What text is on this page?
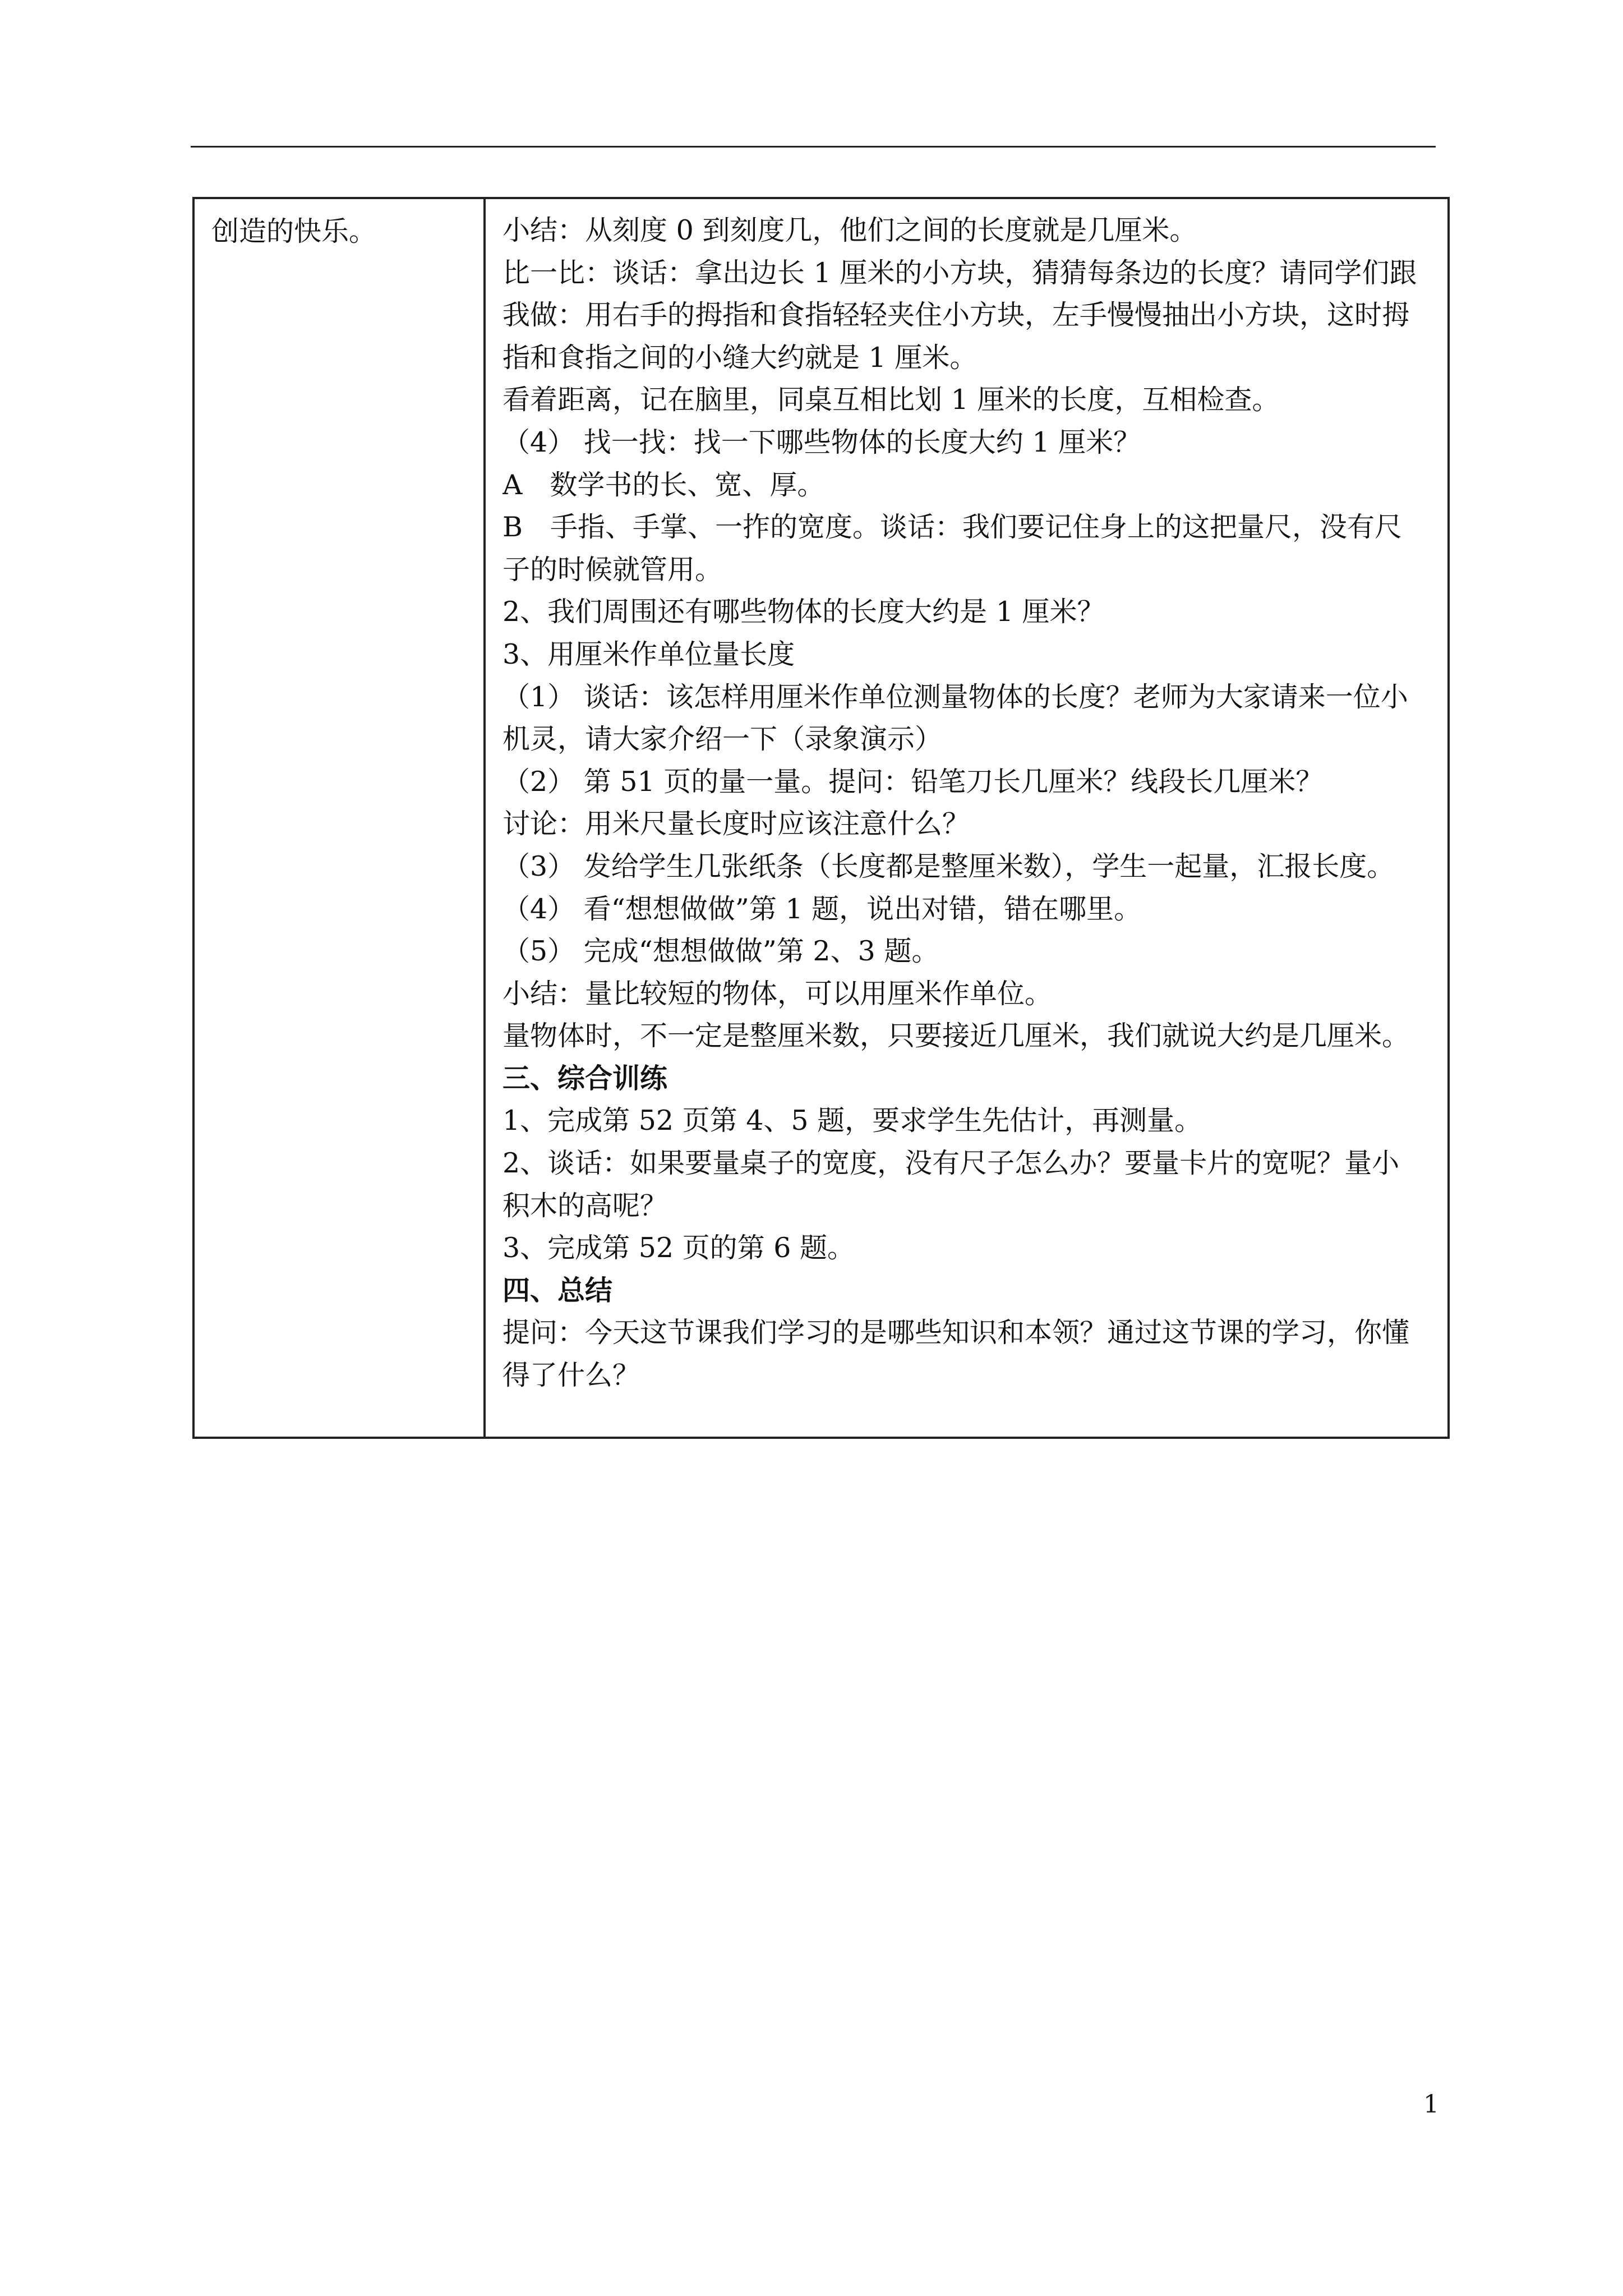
创造的快乐。	小结：从刻度 0 到刻度几，他们之间的长度就是几厘米。
比一比：谈话：拿出边长 1 厘米的小方块，猜猜每条边的长度？请同学们跟
我做：用右手的拇指和食指轻轻夹住小方块，左手慢慢抽出小方块，这时拇
指和食指之间的小缝大约就是 1 厘米。
看着距离，记在脑里，同桌互相比划 1 厘米的长度，互相检查。
（4） 找一找：找一下哪些物体的长度大约 1 厘米？
A　数学书的长、宽、厚。
B　手指、手掌、一拃的宽度。谈话：我们要记住身上的这把量尺，没有尺
子的时候就管用。
2、我们周围还有哪些物体的长度大约是 1 厘米？
3、用厘米作单位量长度
（1） 谈话：该怎样用厘米作单位测量物体的长度？老师为大家请来一位小
机灵，请大家介绍一下（录象演示）
（2） 第 51 页的量一量。提问：铅笔刀长几厘米？线段长几厘米？
讨论：用米尺量长度时应该注意什么？
（3） 发给学生几张纸条（长度都是整厘米数），学生一起量，汇报长度。
（4） 看“想想做做”第 1 题，说出对错，错在哪里。
（5） 完成“想想做做”第 2、3 题。
小结：量比较短的物体，可以用厘米作单位。
量物体时，不一定是整厘米数，只要接近几厘米，我们就说大约是几厘米。
三、综合训练
1、完成第 52 页第 4、5 题，要求学生先估计，再测量。
2、谈话：如果要量桌子的宽度，没有尺子怎么办？要量卡片的宽呢？量小
积木的高呢？
3、完成第 52 页的第 6 题。
四、总结
提问：今天这节课我们学习的是哪些知识和本领？通过这节课的学习，你懂
得了什么？
1
